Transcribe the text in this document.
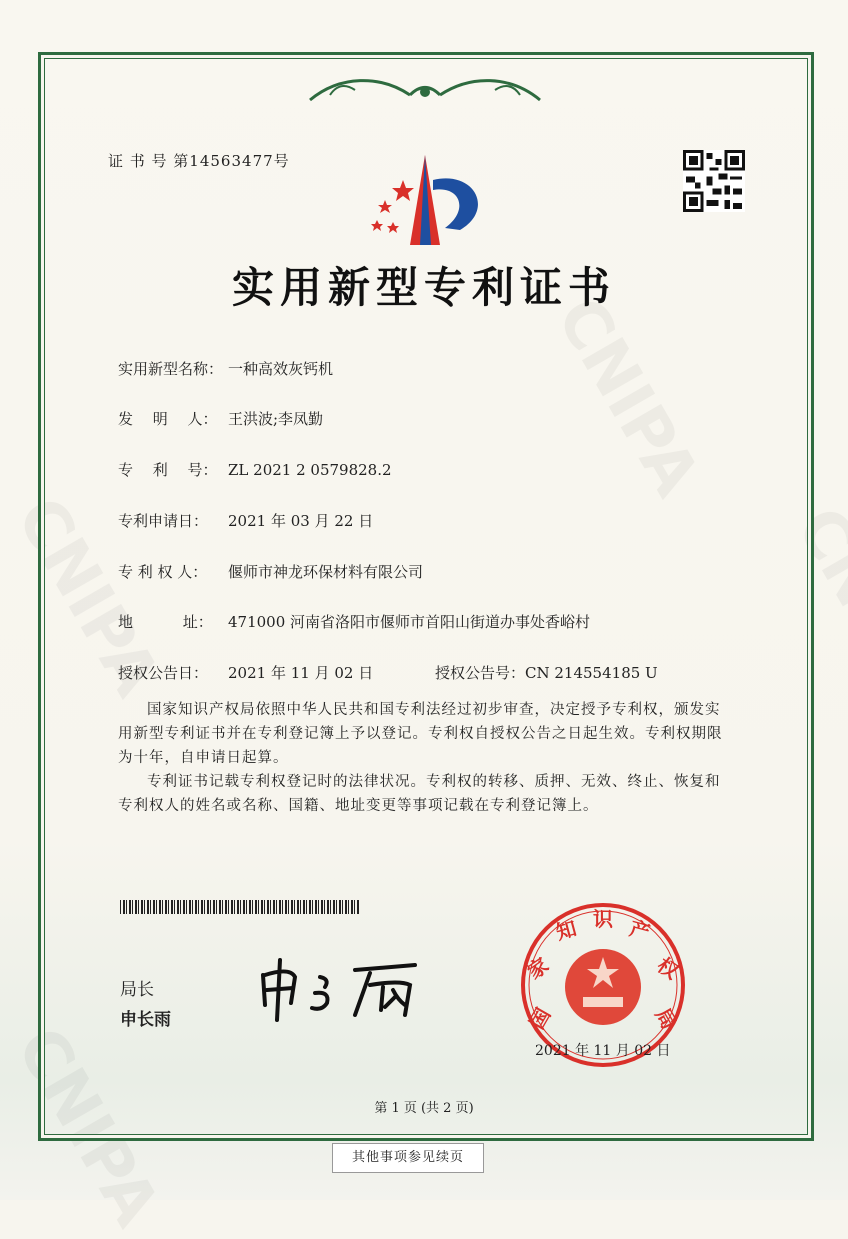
证 书 号 第14563477号
实用新型专利证书
实用新型名称： 一种高效灰钙机
发　 明　 人： 王洪波;李凤勤
专　 利　 号： ZL 2021 2 0579828.2
专利申请日： 2021 年 03 月 22 日
专 利 权 人： 偃师市神龙环保材料有限公司
地　　　 址： 471000 河南省洛阳市偃师市首阳山街道办事处香峪村
授权公告日： 2021 年 11 月 02 日	授权公告号：CN 214554185 U
国家知识产权局依照中华人民共和国专利法经过初步审查，决定授予专利权，颁发实用新型专利证书并在专利登记簿上予以登记。专利权自授权公告之日起生效。专利权期限为十年，自申请日起算。
专利证书记载专利权登记时的法律状况。专利权的转移、质押、无效、终止、恢复和专利权人的姓名或名称、国籍、地址变更等事项记载在专利登记簿上。
局长
申长雨	国
家
知 识 产
权
局
2021 年 11 月 02 日
第 1 页 (共 2 页)
其他事项参见续页
